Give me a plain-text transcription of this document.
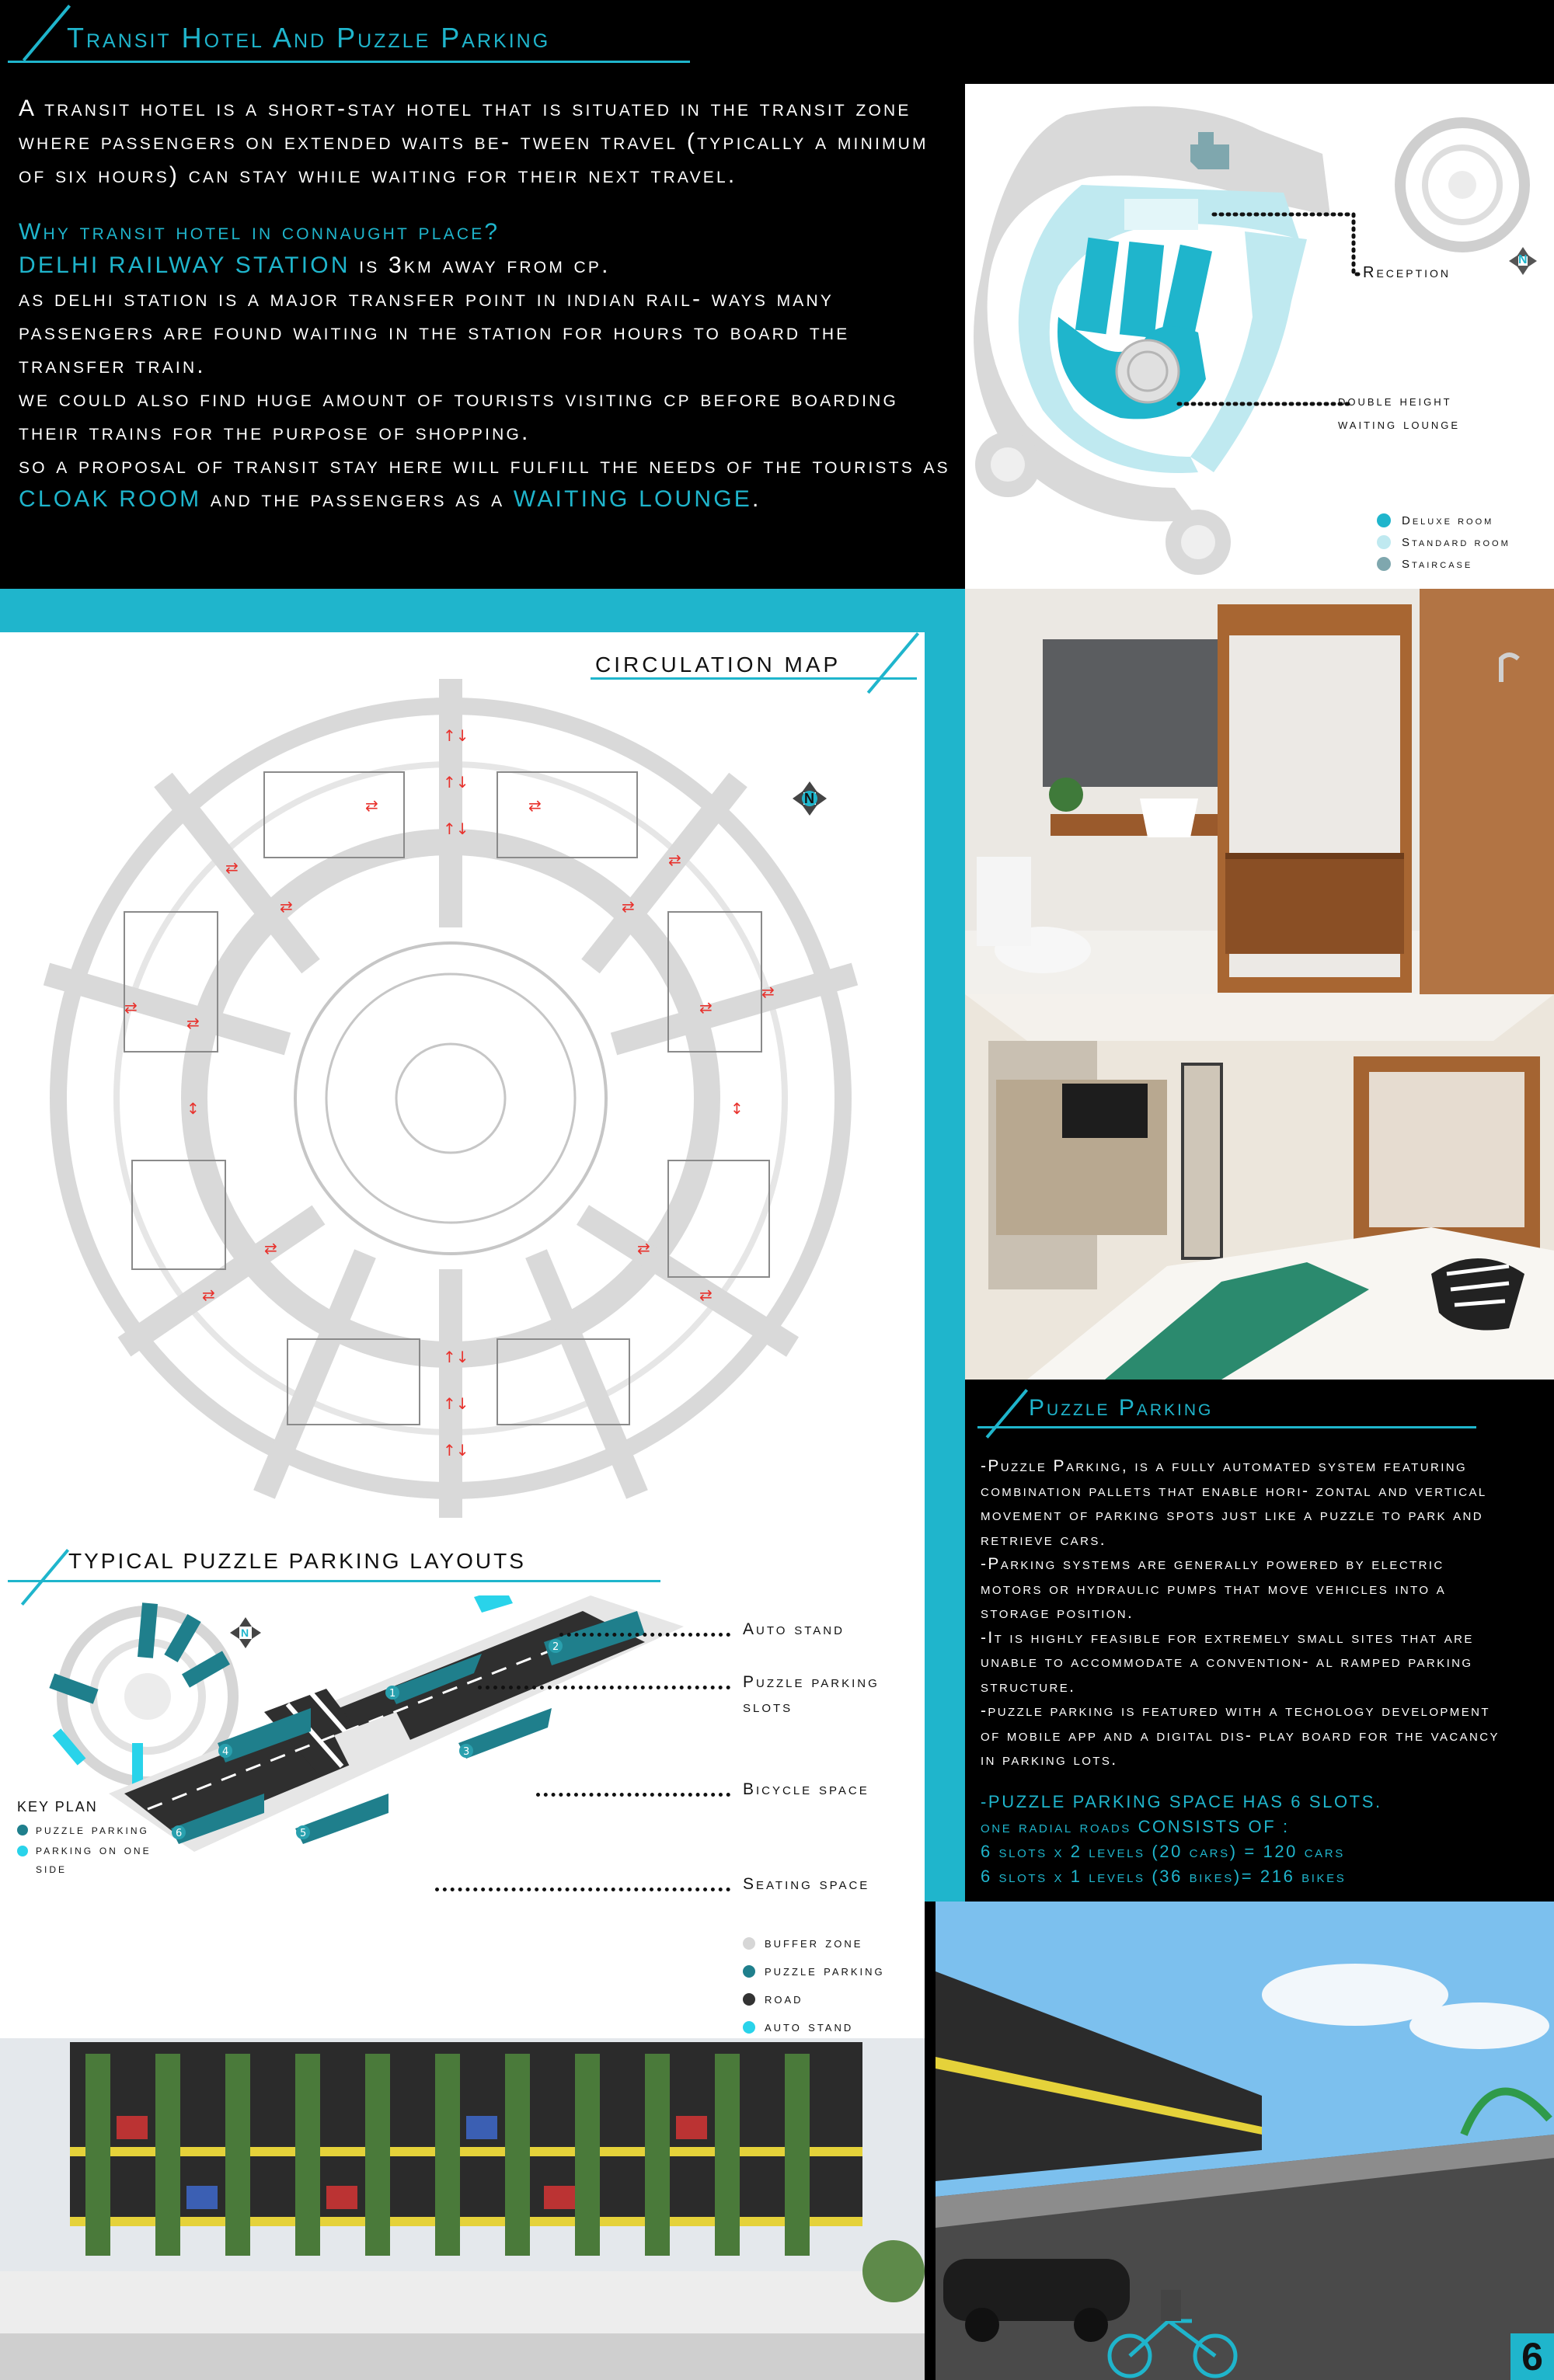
Transit Hotel And Puzzle Parking
A transit hotel is a short-stay hotel that is situated in the transit zone where passengers on extended waits be- tween travel (typically a minimum of six hours) can stay while waiting for their next travel.
Why transit hotel in connaught place?
DELHI RAILWAY STATION is 3km away from cp.
as delhi station is a major transfer point in indian rail- ways many passengers are found waiting in the station for hours to board the transfer train.
we could also find huge amount of tourists visiting cp before boarding their trains for the purpose of shopping.
so a proposal of transit stay here will fulfill the needs of the tourists as CLOAK ROOM and the passengers as a WAITING LOUNGE.
N
Reception
double height
waiting lounge
Deluxe room
Standard room
Staircase
Puzzle Parking
-Puzzle Parking, is a fully automated system featuring combination pallets that enable hori- zontal and vertical movement of parking spots just like a puzzle to park and retrieve cars.
-Parking systems are generally powered by electric motors or hydraulic pumps that move vehicles into a storage position.
-It is highly feasible for extremely small sites that are unable to accommodate a convention- al ramped parking structure.
-puzzle parking is featured with a techology development of mobile app and a digital dis- play board for the vacancy in parking lots.
-PUZZLE PARKING SPACE HAS 6 SLOTS.
one radial roads CONSISTS OF :
6 slots x 2 levels (20 cars) = 120 cars
6 slots x 1 levels (36 bikes)= 216 bikes
CIRCULATION MAP
↑↓
↑↓
↑↓
↑↓
↑↓
↑↓
⇄
⇄
⇄
⇄
⇄
⇄	⇄
⇄
⇄
⇄	⇄
⇄
⇄	⇄
↕	↕
N
TYPICAL PUZZLE PARKING LAYOUTS
N
KEY PLAN
puzzle parking
parking on one side
1
2
3
4
5
6
Auto stand
Puzzle parking
slots
Bicycle space
Seating space
buffer zone
puzzle parking
road
auto stand
6
